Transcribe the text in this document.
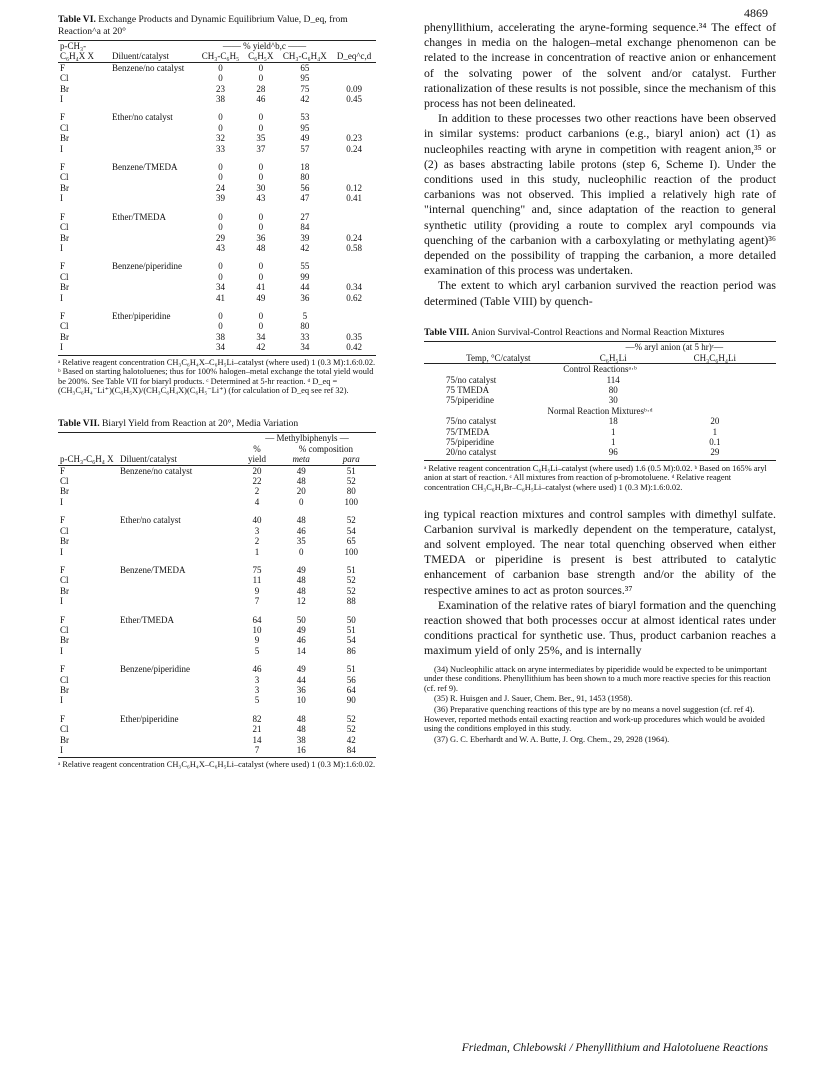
4869
Table VI. Exchange Products and Dynamic Equilibrium Value, D_eq, from Reaction^a at 20°
p-CH₃-C₆H₄X X	Diluent/catalyst	—— % yield^b,c ——			
		CH₃-C₆H₅	C₆H₅X	CH₃-C₆H₄X	D_eq^c,d
F	Benzene/no catalyst	0	0	65	
Cl		0	0	95	
Br		23	28	75	0.09
I		38	46	42	0.45

F	Ether/no catalyst	0	0	53	
Cl		0	0	95	
Br		32	35	49	0.23
I		33	37	57	0.24

F	Benzene/TMEDA	0	0	18	
Cl		0	0	80	
Br		24	30	56	0.12
I		39	43	47	0.41

F	Ether/TMEDA	0	0	27	
Cl		0	0	84	
Br		29	36	39	0.24
I		43	48	42	0.58

F	Benzene/piperidine	0	0	55	
Cl		0	0	99	
Br		34	41	44	0.34
I		41	49	36	0.62

F	Ether/piperidine	0	0	5	
Cl		0	0	80	
Br		38	34	33	0.35
I		34	42	34	0.42
ᵃ Relative reagent concentration CH₃C₆H₄X–C₆H₅Li–catalyst (where used) 1 (0.3 M):1.6:0.02. ᵇ Based on starting halotoluenes; thus for 100% halogen–metal exchange the total yield would be 200%. See Table VII for biaryl products. ᶜ Determined at 5-hr reaction. ᵈ D_eq = (CH₃C₆H₄⁻Li⁺)(C₆H₅X)/(CH₃C₆H₄X)(C₆H₅⁻Li⁺) (for calculation of D_eq see ref 32).
Table VII. Biaryl Yield from Reaction at 20°, Media Variation
p-CH₃-C₆H₄ X	Diluent/catalyst	— Methylbiphenyls —		
		%	% composition	
		yield	meta	para
F	Benzene/no catalyst	20	49	51
Cl		22	48	52
Br		2	20	80
I		4	0	100

F	Ether/no catalyst	40	48	52
Cl		3	46	54
Br		2	35	65
I		1	0	100

F	Benzene/TMEDA	75	49	51
Cl		11	48	52
Br		9	48	52
I		7	12	88

F	Ether/TMEDA	64	50	50
Cl		10	49	51
Br		9	46	54
I		5	14	86

F	Benzene/piperidine	46	49	51
Cl		3	44	56
Br		3	36	64
I		5	10	90

F	Ether/piperidine	82	48	52
Cl		21	48	52
Br		14	38	42
I		7	16	84
ᵃ Relative reagent concentration CH₃C₆H₄X–C₆H₅Li–catalyst (where used) 1 (0.3 M):1.6:0.02.

phenyllithium, accelerating the aryne-forming sequence.³⁴ The effect of changes in media on the halogen–metal exchange phenomenon can be related to the increase in concentration of reactive anion or enhancement of the solvating power of the solvent and/or catalyst. Further rationalization of these results is not possible, since the mechanism of this process has not been delineated.

In addition to these processes two other reactions have been observed in similar systems: product carbanions (e.g., biaryl anion) act (1) as nucleophiles reacting with aryne in competition with reagent anion,³⁵ or (2) as bases abstracting labile protons (step 6, Scheme I). Under the conditions used in this study, nucleophilic reaction of the product carbanions was not observed. This implied a relatively high rate of "internal quenching" and, since adaptation of the reaction to general synthetic utility (providing a route to complex aryl compounds via quenching of the carbanion with a carboxylating or methylating agent)³⁶ depended on the possibility of trapping the carbanion, a more detailed examination of this process was undertaken.

The extent to which aryl carbanion survived the reaction period was determined (Table VIII) by quench-

Table VIII. Anion Survival-Control Reactions and Normal Reaction Mixtures
Temp, °C/catalyst	—% aryl anion (at 5 hr)ᶜ—	
	C₆H₅Li	CH₃C₆H₄Li
Control Reactionsᵃ·ᵇ		
75/no catalyst	114	
75 TMEDA	80	
75/piperidine	30	
Normal Reaction Mixturesᵇ·ᵈ		
75/no catalyst	18	20
75/TMEDA	1	1
75/piperidine	1	0.1
20/no catalyst	96	29
ᵃ Relative reagent concentration C₆H₅Li–catalyst (where used) 1.6 (0.5 M):0.02. ᵇ Based on 165% aryl anion at start of reaction. ᶜ All mixtures from reaction of p-bromotoluene. ᵈ Relative reagent concentration CH₃C₆H₄Br–C₆H₅Li–catalyst (where used) 1 (0.3 M):1.6:0.02.

ing typical reaction mixtures and control samples with dimethyl sulfate. Carbanion survival is markedly dependent on the temperature, catalyst, and solvent employed. The near total quenching observed when either TMEDA or piperidine is present is best attributed to catalytic enhancement of carbanion base strength and/or the ability of the respective amines to act as proton sources.³⁷

Examination of the relative rates of biaryl formation and the quenching reaction showed that both processes occur at almost identical rates under conditions practical for synthetic use. Thus, product carbanion reaches a maximum yield of only 25%, and is internally

(34) Nucleophilic attack on aryne intermediates by piperidide would be expected to be unimportant under these conditions. Phenyllithium has been shown to a much more reactive species for this reaction (cf. ref 9).

(35) R. Huisgen and J. Sauer, Chem. Ber., 91, 1453 (1958).

(36) Preparative quenching reactions of this type are by no means a novel suggestion (cf. ref 4). However, reported methods entail exacting reaction and work-up procedures which would be avoided using the conditions employed in this study.

(37) G. C. Eberhardt and W. A. Butte, J. Org. Chem., 29, 2928 (1964).

Friedman, Chlebowski / Phenyllithium and Halotoluene Reactions
